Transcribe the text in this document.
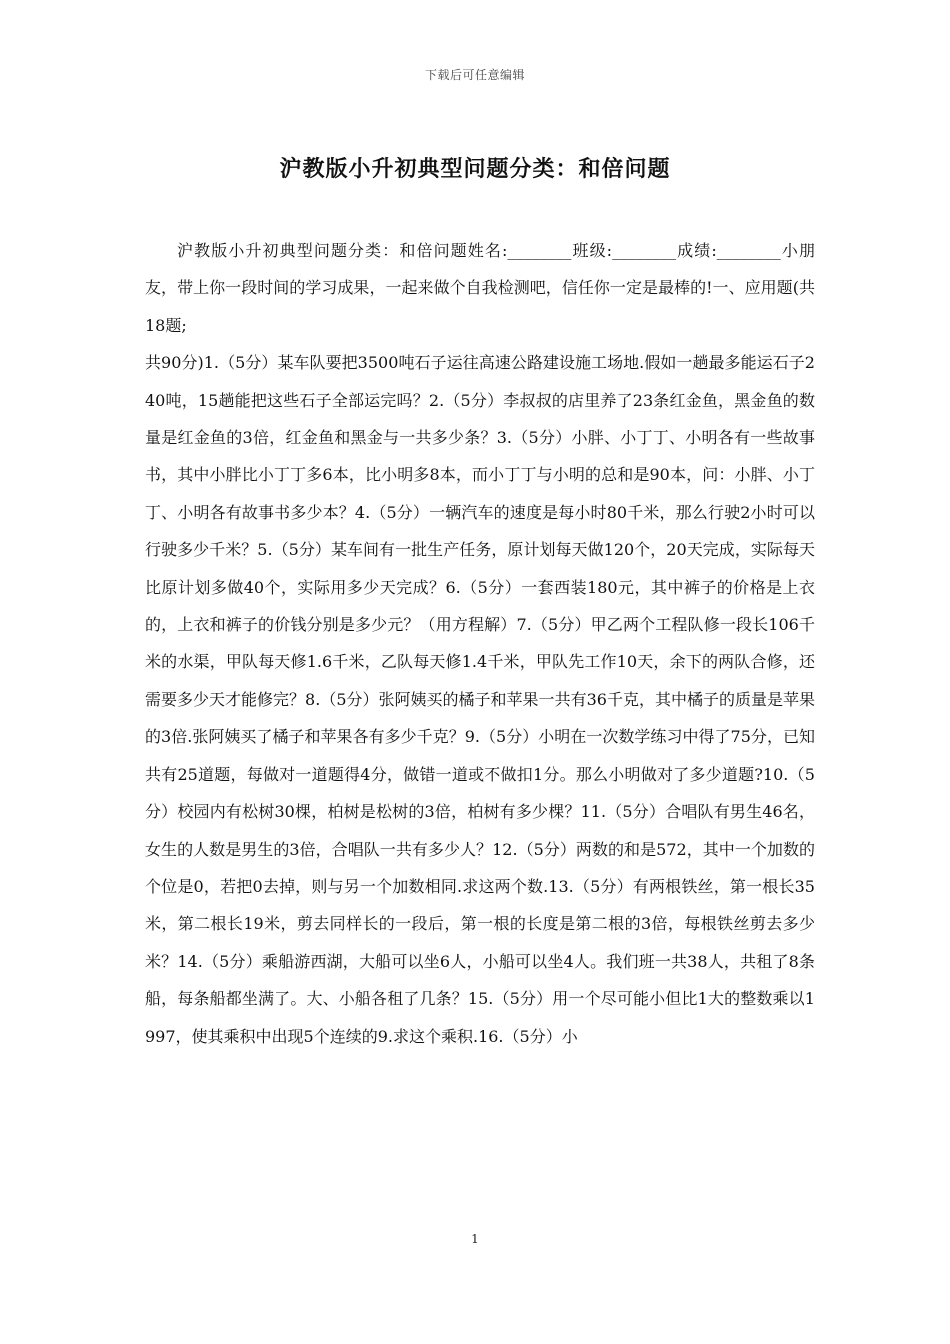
下载后可任意编辑
沪教版小升初典型问题分类：和倍问题
沪教版小升初典型问题分类：和倍问题姓名:________班级:________成绩:________小朋友，带上你一段时间的学习成果，一起来做个自我检测吧，信任你一定是最棒的!一、应用题(共18题;
共90分)1.（5分）某车队要把3500吨石子运往高速公路建设施工场地.假如一趟最多能运石子240吨，15趟能把这些石子全部运完吗？2.（5分）李叔叔的店里养了23条红金鱼，黑金鱼的数量是红金鱼的3倍，红金鱼和黑金与一共多少条？3.（5分）小胖、小丁丁、小明各有一些故事书，其中小胖比小丁丁多6本，比小明多8本，而小丁丁与小明的总和是90本，问：小胖、小丁丁、小明各有故事书多少本？4.（5分）一辆汽车的速度是每小时80千米，那么行驶2小时可以行驶多少千米？5.（5分）某车间有一批生产任务，原计划每天做120个，20天完成，实际每天比原计划多做40个，实际用多少天完成？6.（5分）一套西装180元，其中裤子的价格是上衣的，上衣和裤子的价钱分别是多少元？（用方程解）7.（5分）甲乙两个工程队修一段长106千米的水渠，甲队每天修1.6千米，乙队每天修1.4千米，甲队先工作10天，余下的两队合修，还需要多少天才能修完？8.（5分）张阿姨买的橘子和苹果一共有36千克，其中橘子的质量是苹果的3倍.张阿姨买了橘子和苹果各有多少千克？9.（5分）小明在一次数学练习中得了75分，已知共有25道题，每做对一道题得4分，做错一道或不做扣1分。那么小明做对了多少道题?10.（5分）校园内有松树30棵，柏树是松树的3倍，柏树有多少棵？11.（5分）合唱队有男生46名，女生的人数是男生的3倍，合唱队一共有多少人？12.（5分）两数的和是572，其中一个加数的个位是0，若把0去掉，则与另一个加数相同.求这两个数.13.（5分）有两根铁丝，第一根长35米，第二根长19米，剪去同样长的一段后，第一根的长度是第二根的3倍，每根铁丝剪去多少米？14.（5分）乘船游西湖，大船可以坐6人，小船可以坐4人。我们班一共38人，共租了8条船，每条船都坐满了。大、小船各租了几条？15.（5分）用一个尽可能小但比1大的整数乘以1997，使其乘积中出现5个连续的9.求这个乘积.16.（5分）小
1
